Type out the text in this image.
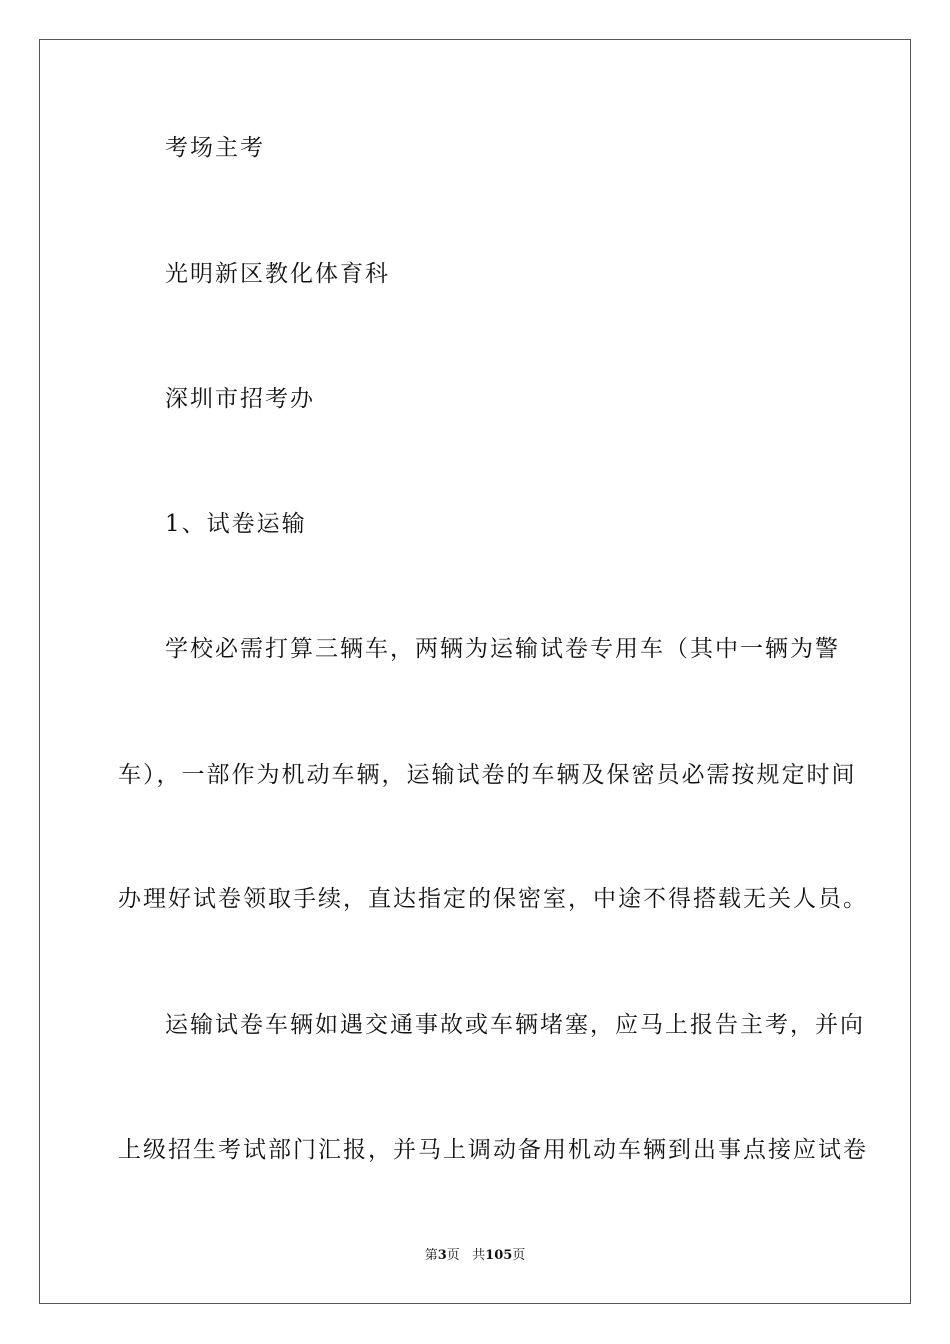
考场主考
光明新区教化体育科
深圳市招考办
1、试卷运输
学校必需打算三辆车，两辆为运输试卷专用车（其中一辆为警
车），一部作为机动车辆，运输试卷的车辆及保密员必需按规定时间
办理好试卷领取手续，直达指定的保密室，中途不得搭载无关人员。
运输试卷车辆如遇交通事故或车辆堵塞，应马上报告主考，并向
上级招生考试部门汇报，并马上调动备用机动车辆到出事点接应试卷
第3页   共105页
